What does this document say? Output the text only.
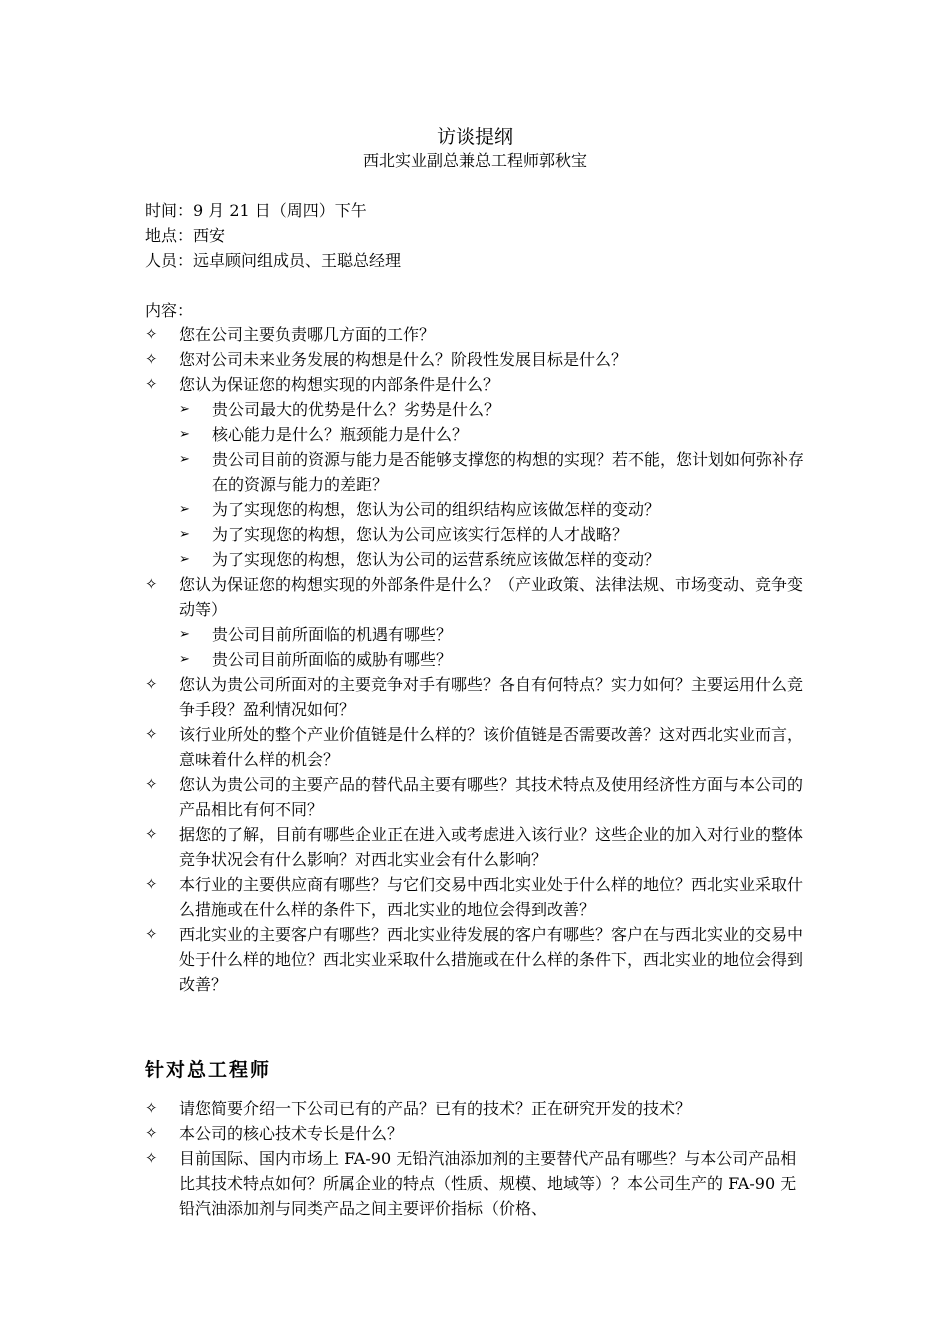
访谈提纲
西北实业副总兼总工程师郭秋宝
时间：9 月 21 日（周四）下午
地点：西安
人员：远卓顾问组成员、王聪总经理
内容：
✧	您在公司主要负责哪几方面的工作？
✧	您对公司未来业务发展的构想是什么？阶段性发展目标是什么？
✧	您认为保证您的构想实现的内部条件是什么？
➢	贵公司最大的优势是什么？劣势是什么？
➢	核心能力是什么？瓶颈能力是什么？
➢	贵公司目前的资源与能力是否能够支撑您的构想的实现？若不能，您计划如何弥补存在的资源与能力的差距？
➢	为了实现您的构想，您认为公司的组织结构应该做怎样的变动？
➢	为了实现您的构想，您认为公司应该实行怎样的人才战略？
➢	为了实现您的构想，您认为公司的运营系统应该做怎样的变动？
✧	您认为保证您的构想实现的外部条件是什么？（产业政策、法律法规、市场变动、竞争变动等）
➢	贵公司目前所面临的机遇有哪些？
➢	贵公司目前所面临的威胁有哪些？
✧	您认为贵公司所面对的主要竞争对手有哪些？各自有何特点？实力如何？主要运用什么竞争手段？盈利情况如何？
✧	该行业所处的整个产业价值链是什么样的？该价值链是否需要改善？这对西北实业而言，意味着什么样的机会？
✧	您认为贵公司的主要产品的替代品主要有哪些？其技术特点及使用经济性方面与本公司的产品相比有何不同？
✧	据您的了解，目前有哪些企业正在进入或考虑进入该行业？这些企业的加入对行业的整体竞争状况会有什么影响？对西北实业会有什么影响？
✧	本行业的主要供应商有哪些？与它们交易中西北实业处于什么样的地位？西北实业采取什么措施或在什么样的条件下，西北实业的地位会得到改善？
✧	西北实业的主要客户有哪些？西北实业待发展的客户有哪些？客户在与西北实业的交易中处于什么样的地位？西北实业采取什么措施或在什么样的条件下，西北实业的地位会得到改善？
针对总工程师
✧	请您简要介绍一下公司已有的产品？已有的技术？正在研究开发的技术？
✧	本公司的核心技术专长是什么？
✧	目前国际、国内市场上 FA-90 无铅汽油添加剂的主要替代产品有哪些？与本公司产品相比其技术特点如何？所属企业的特点（性质、规模、地域等）？本公司生产的 FA-90 无铅汽油添加剂与同类产品之间主要评价指标（价格、
